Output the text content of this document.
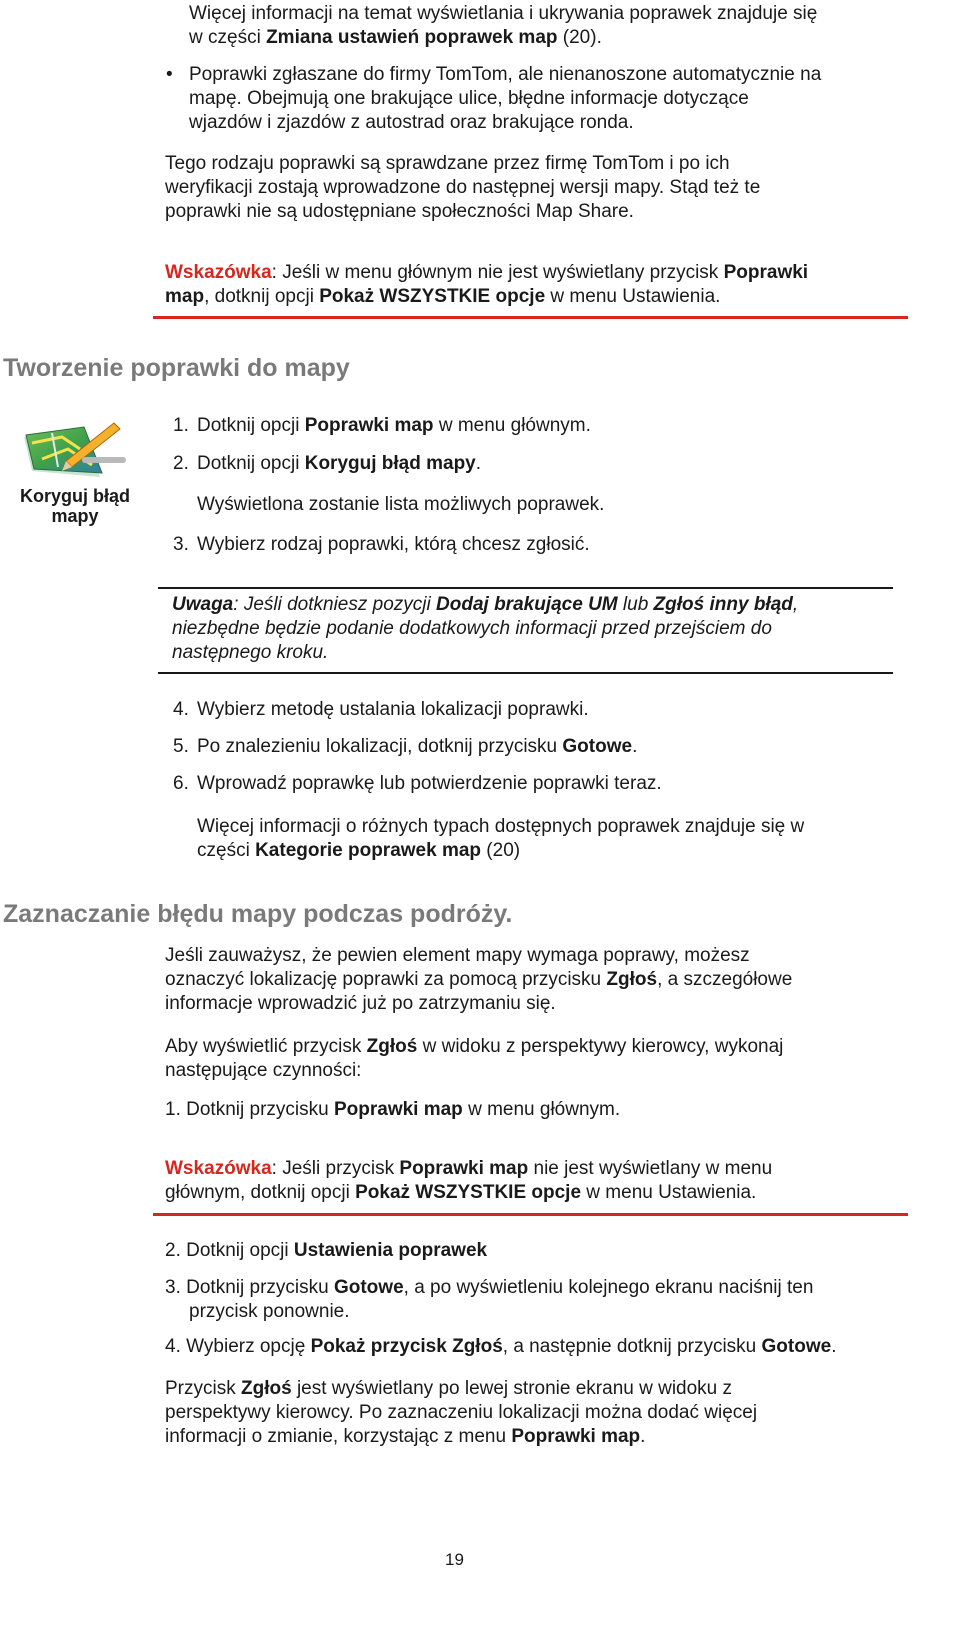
Więcej informacji na temat wyświetlania i ukrywania poprawek znajduje się

w części Zmiana ustawień poprawek map (20).

• Poprawki zgłaszane do firmy TomTom, ale nienanoszone automatycznie na

mapę. Obejmują one brakujące ulice, błędne informacje dotyczące

wjazdów i zjazdów z autostrad oraz brakujące ronda.

Tego rodzaju poprawki są sprawdzane przez firmę TomTom i po ich

weryfikacji zostają wprowadzone do następnej wersji mapy. Stąd też te

poprawki nie są udostępniane społeczności Map Share.

Wskazówka: Jeśli w menu głównym nie jest wyświetlany przycisk Poprawki

map, dotknij opcji Pokaż WSZYSTKIE opcje w menu Ustawienia.

Tworzenie poprawki do mapy

Koryguj błąd

mapy

1. Dotknij opcji Poprawki map w menu głównym.
2. Dotknij opcji Koryguj błąd mapy.
Wyświetlona zostanie lista możliwych poprawek.
3. Wybierz rodzaj poprawki, którą chcesz zgłosić.

Uwaga: Jeśli dotkniesz pozycji Dodaj brakujące UM lub Zgłoś inny błąd,

niezbędne będzie podanie dodatkowych informacji przed przejściem do

następnego kroku.

4. Wybierz metodę ustalania lokalizacji poprawki.
5. Po znalezieniu lokalizacji, dotknij przycisku Gotowe.
6. Wprowadź poprawkę lub potwierdzenie poprawki teraz.

Więcej informacji o różnych typach dostępnych poprawek znajduje się w

części Kategorie poprawek map (20)

Zaznaczanie błędu mapy podczas podróży.

Jeśli zauważysz, że pewien element mapy wymaga poprawy, możesz

oznaczyć lokalizację poprawki za pomocą przycisku Zgłoś, a szczegółowe

informacje wprowadzić już po zatrzymaniu się.

Aby wyświetlić przycisk Zgłoś w widoku z perspektywy kierowcy, wykonaj

następujące czynności:

1. Dotknij przycisku Poprawki map w menu głównym.

Wskazówka: Jeśli przycisk Poprawki map nie jest wyświetlany w menu

głównym, dotknij opcji Pokaż WSZYSTKIE opcje w menu Ustawienia.

2. Dotknij opcji Ustawienia poprawek

3. Dotknij przycisku Gotowe, a po wyświetleniu kolejnego ekranu naciśnij ten

przycisk ponownie.

4. Wybierz opcję Pokaż przycisk Zgłoś, a następnie dotknij przycisku Gotowe.

Przycisk Zgłoś jest wyświetlany po lewej stronie ekranu w widoku z

perspektywy kierowcy. Po zaznaczeniu lokalizacji można dodać więcej

informacji o zmianie, korzystając z menu Poprawki map.

19
